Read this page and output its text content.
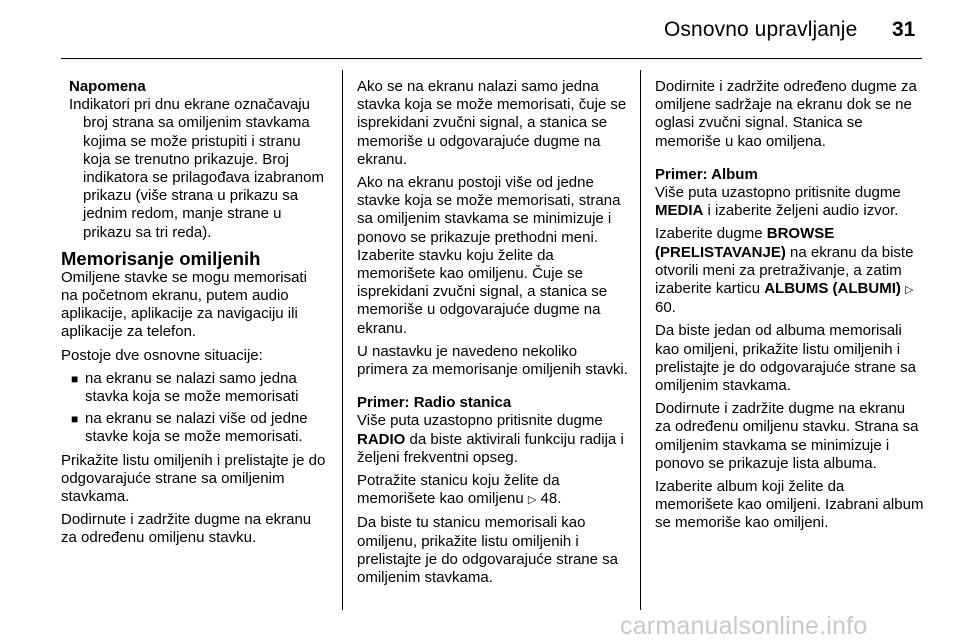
Osnovno upravljanje 31
Napomena
Indikatori pri dnu ekrane označavaju broj strana sa omiljenim stavkama kojima se može pristupiti i stranu koja se trenutno prikazuje. Broj indikatora se prilagođava izabranom prikazu (više strana u prikazu sa jednim redom, manje strane u prikazu sa tri reda).
Memorisanje omiljenih

Omiljene stavke se mogu memorisati na početnom ekranu, putem audio aplikacije, aplikacije za navigaciju ili aplikacije za telefon.

Postoje dve osnovne situacije:

■ na ekranu se nalazi samo jedna stavka koja se može memorisati
■ na ekranu se nalazi više od jedne stavke koja se može memorisati.

Prikažite listu omiljenih i prelistajte je do odgovarajuće strane sa omiljenim stavkama.

Dodirnute i zadržite dugme na ekranu za određenu omiljenu stavku.

Ako se na ekranu nalazi samo jedna stavka koja se može memorisati, čuje se isprekidani zvučni signal, a stanica se memoriše u odgovarajuće dugme na ekranu.

Ako na ekranu postoji više od jedne stavke koja se može memorisati, strana sa omiljenim stavkama se minimizuje i ponovo se prikazuje prethodni meni. Izaberite stavku koju želite da memorišete kao omiljenu. Čuje se isprekidani zvučni signal, a stanica se memoriše u odgovarajuće dugme na ekranu.

U nastavku je navedeno nekoliko primera za memorisanje omiljenih stavki.

Primer: Radio stanica

Više puta uzastopno pritisnite dugme RADIO da biste aktivirali funkciju radija i željeni frekventni opseg.

Potražite stanicu koju želite da memorišete kao omiljenu ▷ 48.

Da biste tu stanicu memorisali kao omiljenu, prikažite listu omiljenih i prelistajte je do odgovarajuće strane sa omiljenim stavkama.

Dodirnite i zadržite određeno dugme za omiljene sadržaje na ekranu dok se ne oglasi zvučni signal. Stanica se memoriše u kao omiljena.

Primer: Album

Više puta uzastopno pritisnite dugme MEDIA i izaberite željeni audio izvor.

Izaberite dugme BROWSE (PRELISTAVANJE) na ekranu da biste otvorili meni za pretraživanje, a zatim izaberite karticu ALBUMS (ALBUMI) ▷ 60.

Da biste jedan od albuma memorisali kao omiljeni, prikažite listu omiljenih i prelistajte je do odgovarajuće strane sa omiljenim stavkama.

Dodirnute i zadržite dugme na ekranu za određenu omiljenu stavku. Strana sa omiljenim stavkama se minimizuje i ponovo se prikazuje lista albuma.

Izaberite album koji želite da memorišete kao omiljeni. Izabrani album se memoriše kao omiljeni.

carmanualsonline.info
